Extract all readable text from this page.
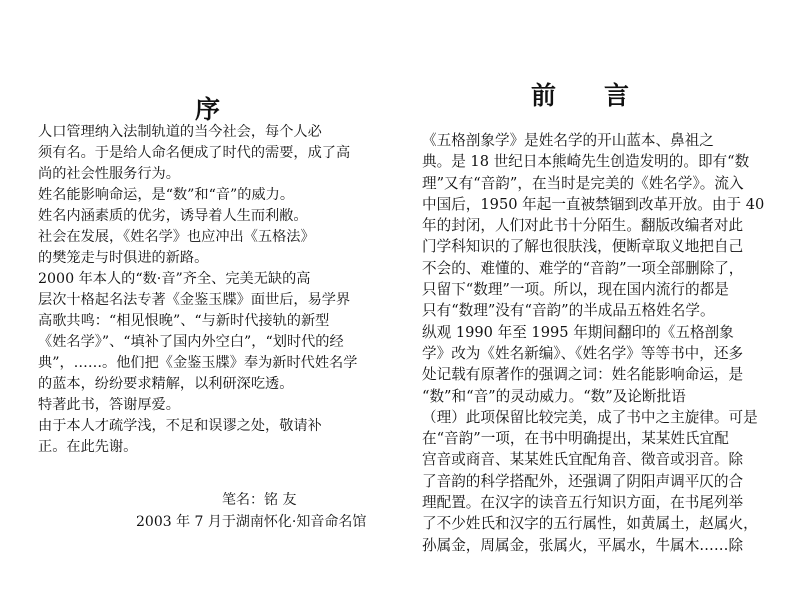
序
人口管理纳入法制轨道的当今社会，每个人必
须有名。于是给人命名便成了时代的需要，成了高
尚的社会性服务行为。
姓名能影响命运，是“数”和“音”的威力。
姓名内涵素质的优劣，诱导着人生而利敝。
社会在发展，《姓名学》也应冲出《五格法》
的樊笼走与时俱进的新路。
2000 年本人的“数·音”齐全、完美无缺的高
层次十格起名法专著《金鉴玉牒》面世后，易学界
高歌共鸣：“相见恨晚”、“与新时代接轨的新型
《姓名学》”、“填补了国内外空白”，“划时代的经
典”，……。他们把《金鉴玉牒》奉为新时代姓名学
的蓝本，纷纷要求精解，以利研深吃透。
特著此书，答谢厚爱。
由于本人才疏学浅，不足和误谬之处，敬请补
正。在此先谢。
笔名：铭 友
2003 年 7 月于湖南怀化·知音命名馆
前 言
《五格剖象学》是姓名学的开山蓝本、鼻祖之
典。是 18 世纪日本熊崎先生创造发明的。即有“数
理”又有“音韵”，在当时是完美的《姓名学》。流入
中国后，1950 年起一直被禁锢到改革开放。由于 40
年的封闭，人们对此书十分陌生。翻版改编者对此
门学科知识的了解也很肤浅，便断章取义地把自己
不会的、难懂的、难学的“音韵”一项全部删除了，
只留下“数理”一项。所以，现在国内流行的都是
只有“数理”没有“音韵”的半成品五格姓名学。
纵观 1990 年至 1995 年期间翻印的《五格剖象
学》改为《姓名新编》、《姓名学》等等书中，还多
处记载有原著作的强调之词：姓名能影响命运，是
“数”和“音”的灵动威力。“数”及论断批语
（理）此项保留比较完美，成了书中之主旋律。可是
在“音韵”一项，在书中明确提出，某某姓氏宜配
宫音或商音、某某姓氏宜配角音、徵音或羽音。除
了音韵的科学搭配外，还强调了阴阳声调平仄的合
理配置。在汉字的读音五行知识方面，在书尾列举
了不少姓氏和汉字的五行属性，如黄属土，赵属火，
孙属金，周属金，张属火，平属水，牛属木……除
